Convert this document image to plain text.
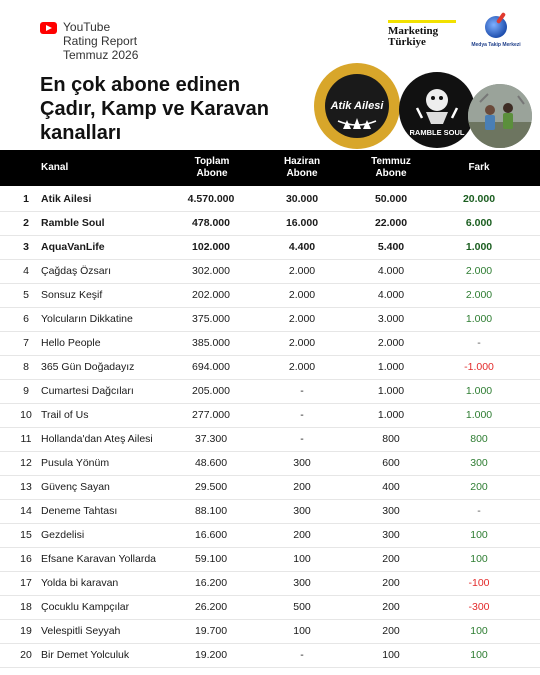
YouTube
Rating Report
Temmuz 2026
En çok abone edinen
Çadır, Kamp ve Karavan
kanalları
Marketing
Türkiye	Medya Takip Merkezi
Atik Ailesi
RAMBLE SOUL
Kanal
Toplam Abone
Haziran Abone
Temmuz Abone
Fark
1	Atik Ailesi	4.570.000	30.000	50.000	20.000
2	Ramble Soul	478.000	16.000	22.000	6.000
3	AquaVanLife	102.000	4.400	5.400	1.000
4	Çağdaş Özsarı	302.000	2.000	4.000	2.000
5	Sonsuz Keşif	202.000	2.000	4.000	2.000
6	Yolcuların Dikkatine	375.000	2.000	3.000	1.000
7	Hello People	385.000	2.000	2.000	-
8	365 Gün Doğadayız	694.000	2.000	1.000	-1.000
9	Cumartesi Dağcıları	205.000	-	1.000	1.000
10 Trail of Us	277.000	-	1.000	1.000
11 Hollanda'dan Ateş Ailesi	37.300	-	800	800
12 Pusula Yönüm	48.600	300	600	300
13 Güvenç Sayan	29.500	200	400	200
14 Deneme Tahtası	88.100	300	300	-
15 Gezdelisi	16.600	200	300	100
16 Efsane Karavan Yollarda	59.100	100	200	100
17 Yolda bi karavan	16.200	300	200	-100
18 Çocuklu Kampçılar	26.200	500	200	-300
19 Velespitli Seyyah	19.700	100	200	100
20 Bir Demet Yolculuk	19.200	-	100	100
